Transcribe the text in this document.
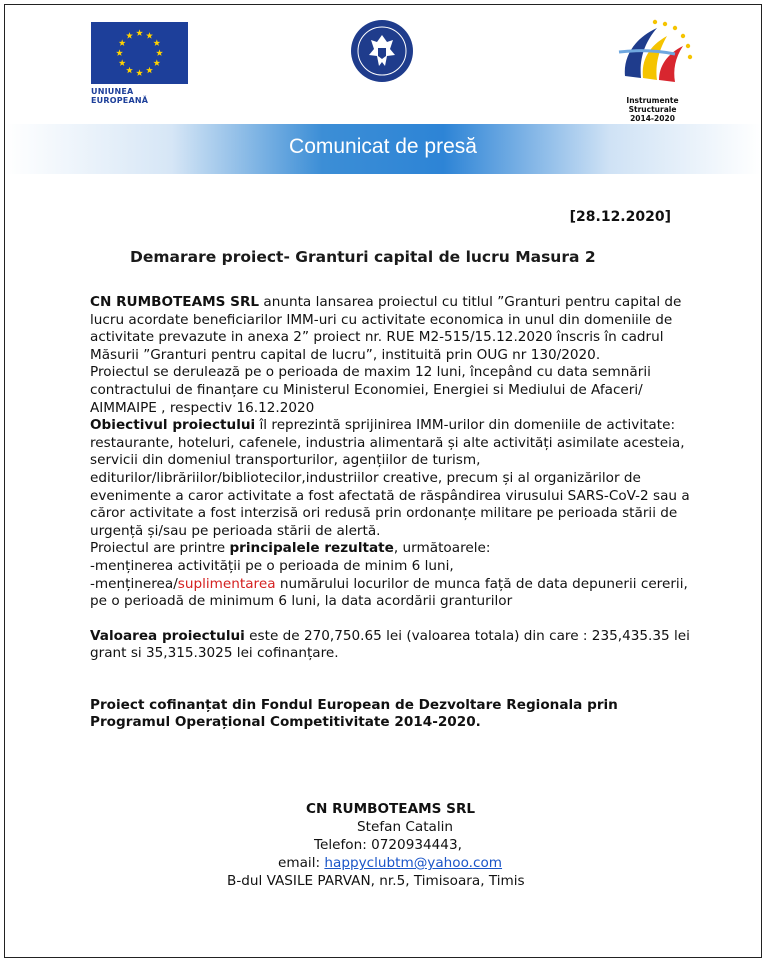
UNIUNEA EUROPEANĂ	Instrumente Structurale
2014-2020
Comunicat de presă
[28.12.2020]
Demarare proiect- Granturi capital de lucru Masura 2

CN RUMBOTEAMS SRL anunta lansarea proiectul cu titlul ”Granturi pentru capital de lucru acordate beneficiarilor IMM-uri cu activitate economica in unul din domeniile de activitate prevazute in anexa 2” proiect nr. RUE M2-515/15.12.2020 înscris în cadrul Măsurii ”Granturi pentru capital de lucru”, instituită prin OUG nr 130/2020.

Proiectul se derulează pe o perioada de maxim 12 luni, începând cu data semnării contractului de finanțare cu Ministerul Economiei, Energiei si Mediului de Afaceri/ AIMMAIPE , respectiv 16.12.2020

Obiectivul proiectului îl reprezintă sprijinirea IMM-urilor din domeniile de activitate: restaurante, hoteluri, cafenele, industria alimentară și alte activități asimilate acesteia, servicii din domeniul transporturilor, agențiilor de turism, editurilor/librăriilor/bibliotecilor,industriilor creative, precum și al organizărilor de evenimente a caror activitate a fost afectată de răspândirea virusului SARS-CoV-2 sau a căror activitate a fost interzisă ori redusă prin ordonanțe militare pe perioada stării de urgență și/sau pe perioada stării de alertă.

Proiectul are printre principalele rezultate, următoarele:

-menținerea activității pe o perioada de minim 6 luni,

-menținerea/suplimentarea numărului locurilor de munca față de data depunerii cererii, pe o perioadă de minimum 6 luni, la data acordării granturilor

Valoarea proiectului este de 270,750.65 lei (valoarea totala) din care : 235,435.35 lei grant si 35,315.3025 lei cofinanțare.

Proiect cofinanțat din Fondul European de Dezvoltare Regionala prin Programul Operațional Competitivitate 2014-2020.

CN RUMBOTEAMS SRL
Stefan Catalin
Telefon: 0720934443,
email: happyclubtm@yahoo.com
B-dul VASILE PARVAN, nr.5, Timisoara, Timis
